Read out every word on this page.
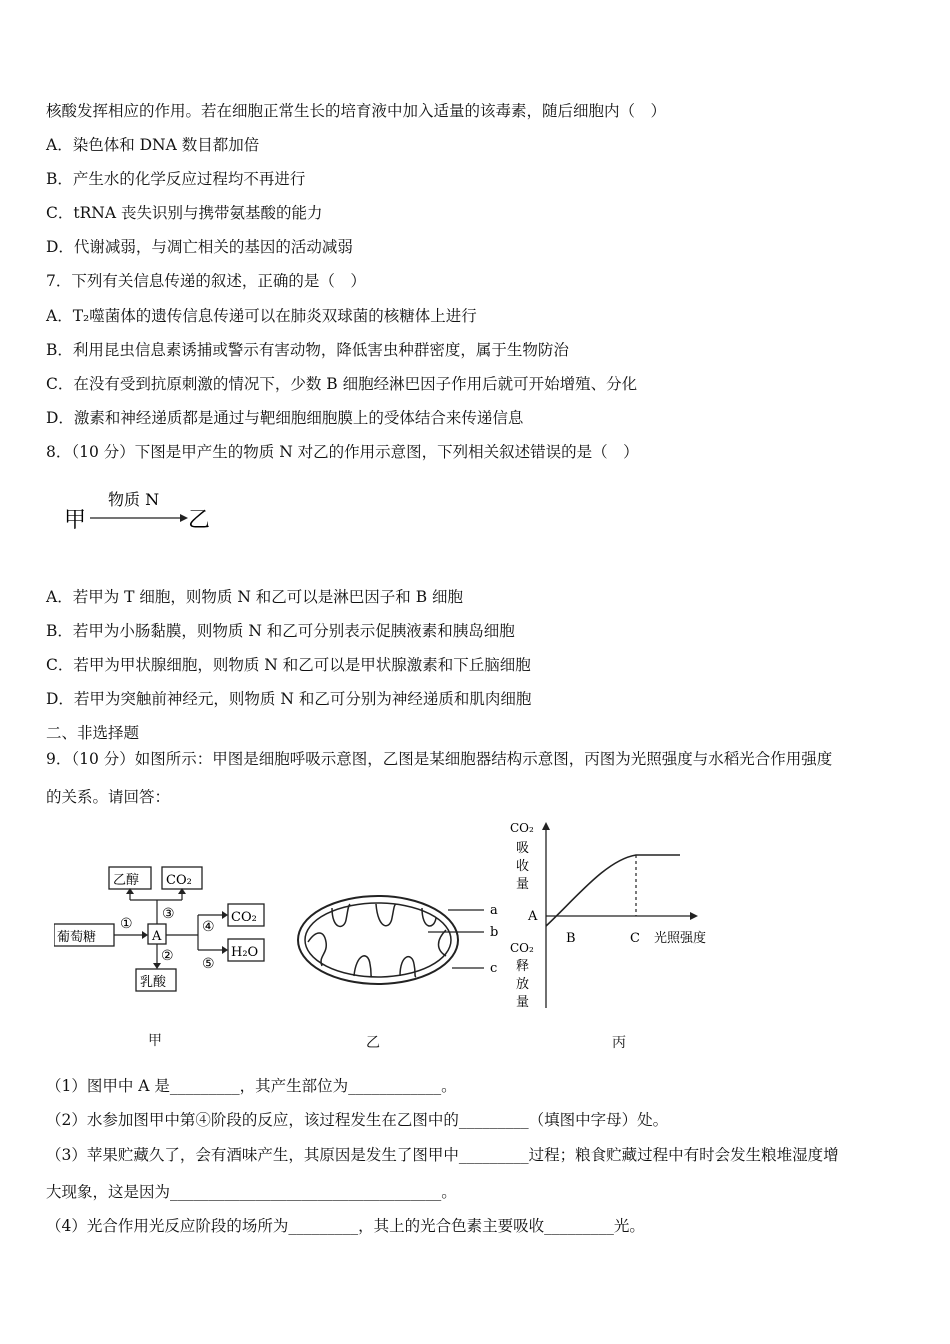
核酸发挥相应的作用。若在细胞正常生长的培育液中加入适量的该毒素，随后细胞内（　）
A．染色体和 DNA 数目都加倍
B．产生水的化学反应过程均不再进行
C．tRNA 丧失识别与携带氨基酸的能力
D．代谢减弱，与凋亡相关的基因的活动减弱
7．下列有关信息传递的叙述，正确的是（　）
A．T₂噬菌体的遗传信息传递可以在肺炎双球菌的核糖体上进行
B．利用昆虫信息素诱捕或警示有害动物，降低害虫种群密度，属于生物防治
C．在没有受到抗原刺激的情况下，少数 B 细胞经淋巴因子作用后就可开始增殖、分化
D．激素和神经递质都是通过与靶细胞细胞膜上的受体结合来传递信息
8．（10 分）下图是甲产生的物质 N 对乙的作用示意图，下列相关叙述错误的是（　）
甲
物质 N
乙
A．若甲为 T 细胞，则物质 N 和乙可以是淋巴因子和 B 细胞
B．若甲为小肠黏膜，则物质 N 和乙可分别表示促胰液素和胰岛细胞
C．若甲为甲状腺细胞，则物质 N 和乙可以是甲状腺激素和下丘脑细胞
D．若甲为突触前神经元，则物质 N 和乙可分别为神经递质和肌肉细胞
二、非选择题
9．（10 分）如图所示：甲图是细胞呼吸示意图，乙图是某细胞器结构示意图，丙图为光照强度与水稻光合作用强度
的关系。请回答：
乙醇 CO₂
葡萄糖
①
A
③
②
乳酸
④
⑤
CO₂
H₂O
甲
a
b
c
乙
CO₂
吸
收
量
CO₂
释
放
量
A
B	C 光照强度
丙
（1）图甲中 A 是_________，其产生部位为____________。
（2）水参加图甲中第④阶段的反应，该过程发生在乙图中的_________（填图中字母）处。
（3）苹果贮藏久了，会有酒味产生，其原因是发生了图甲中_________过程；粮食贮藏过程中有时会发生粮堆湿度增
大现象，这是因为___________________________________。
（4）光合作用光反应阶段的场所为_________，其上的光合色素主要吸收_________光。
